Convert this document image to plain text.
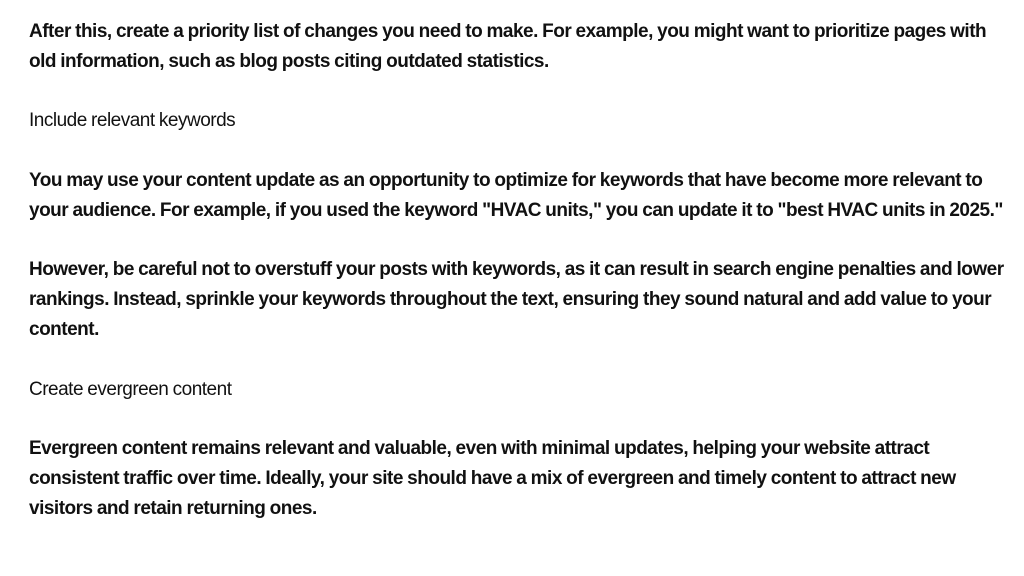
After this, create a priority list of changes you need to make. For example, you might want to prioritize pages with old information, such as blog posts citing outdated statistics.

Include relevant keywords

You may use your content update as an opportunity to optimize for keywords that have become more relevant to your audience. For example, if you used the keyword "HVAC units," you can update it to "best HVAC units in 2025."

However, be careful not to overstuff your posts with keywords, as it can result in search engine penalties and lower rankings. Instead, sprinkle your keywords throughout the text, ensuring they sound natural and add value to your content.

Create evergreen content

Evergreen content remains relevant and valuable, even with minimal updates, helping your website attract consistent traffic over time. Ideally, your site should have a mix of evergreen and timely content to attract new visitors and retain returning ones.
